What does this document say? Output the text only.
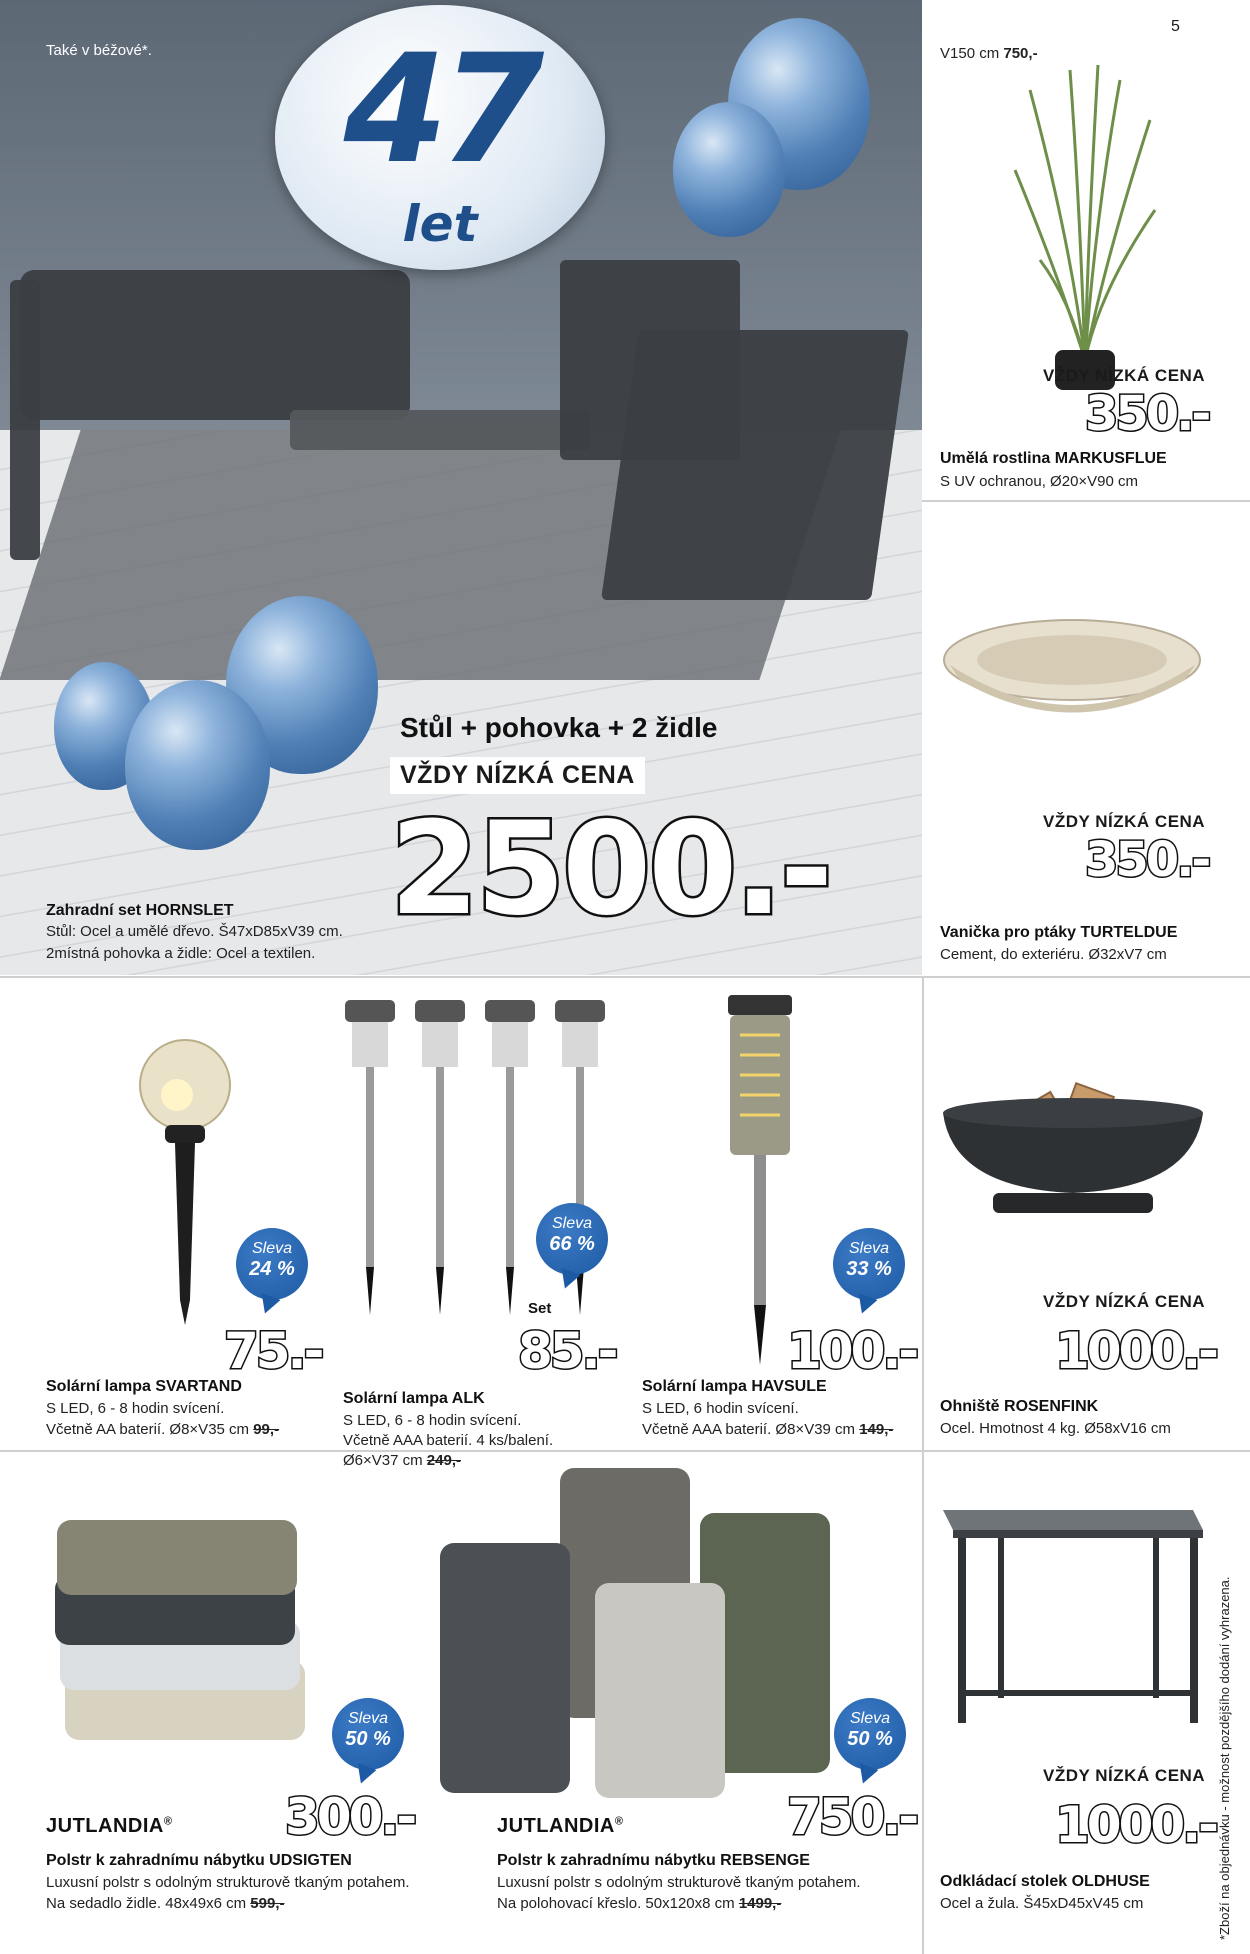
47
let
Také v béžové*.
Stůl + pohovka + 2 židle
VŽDY NÍZKÁ CENA
2500.-
Zahradní set HORNSLET
Stůl: Ocel a umělé dřevo. Š47xD85xV39 cm.
2místná pohovka a židle: Ocel a textilen.
5
V150 cm 750,-
VŽDY NÍZKÁ CENA
350.-
Umělá rostlina MARKUSFLUE
S UV ochranou, Ø20×V90 cm
VŽDY NÍZKÁ CENA
350.-
Vanička pro ptáky TURTELDUE
Cement, do exteriéru. Ø32xV7 cm
Sleva
24 %
75.-
Solární lampa SVARTAND
S LED, 6 - 8 hodin svícení.
Včetně AA baterií. Ø8×V35 cm 99,-
Sleva
66 %
Set
85.-
Solární lampa ALK
S LED, 6 - 8 hodin svícení.
Včetně AAA baterií. 4 ks/balení.
Ø6×V37 cm 249,-
Sleva
33 %
100.-
Solární lampa HAVSULE
S LED, 6 hodin svícení.
Včetně AAA baterií. Ø8×V39 cm 149,-
VŽDY NÍZKÁ CENA
1000.-
Ohniště ROSENFINK
Ocel. Hmotnost 4 kg. Ø58xV16 cm
Sleva
50 %
300.-
JUTLANDIA®
Polstr k zahradnímu nábytku UDSIGTEN
Luxusní polstr s odolným strukturově tkaným potahem.
Na sedadlo židle. 48x49x6 cm 599,-
Sleva
50 %
750.-
JUTLANDIA®
Polstr k zahradnímu nábytku REBSENGE
Luxusní polstr s odolným strukturově tkaným potahem.
Na polohovací křeslo. 50x120x8 cm 1499,-
VŽDY NÍZKÁ CENA
1000.-
Odkládací stolek OLDHUSE
Ocel a žula. Š45xD45xV45 cm	*Zboží na objednávku - možnost pozdějšího dodání vyhrazena.
